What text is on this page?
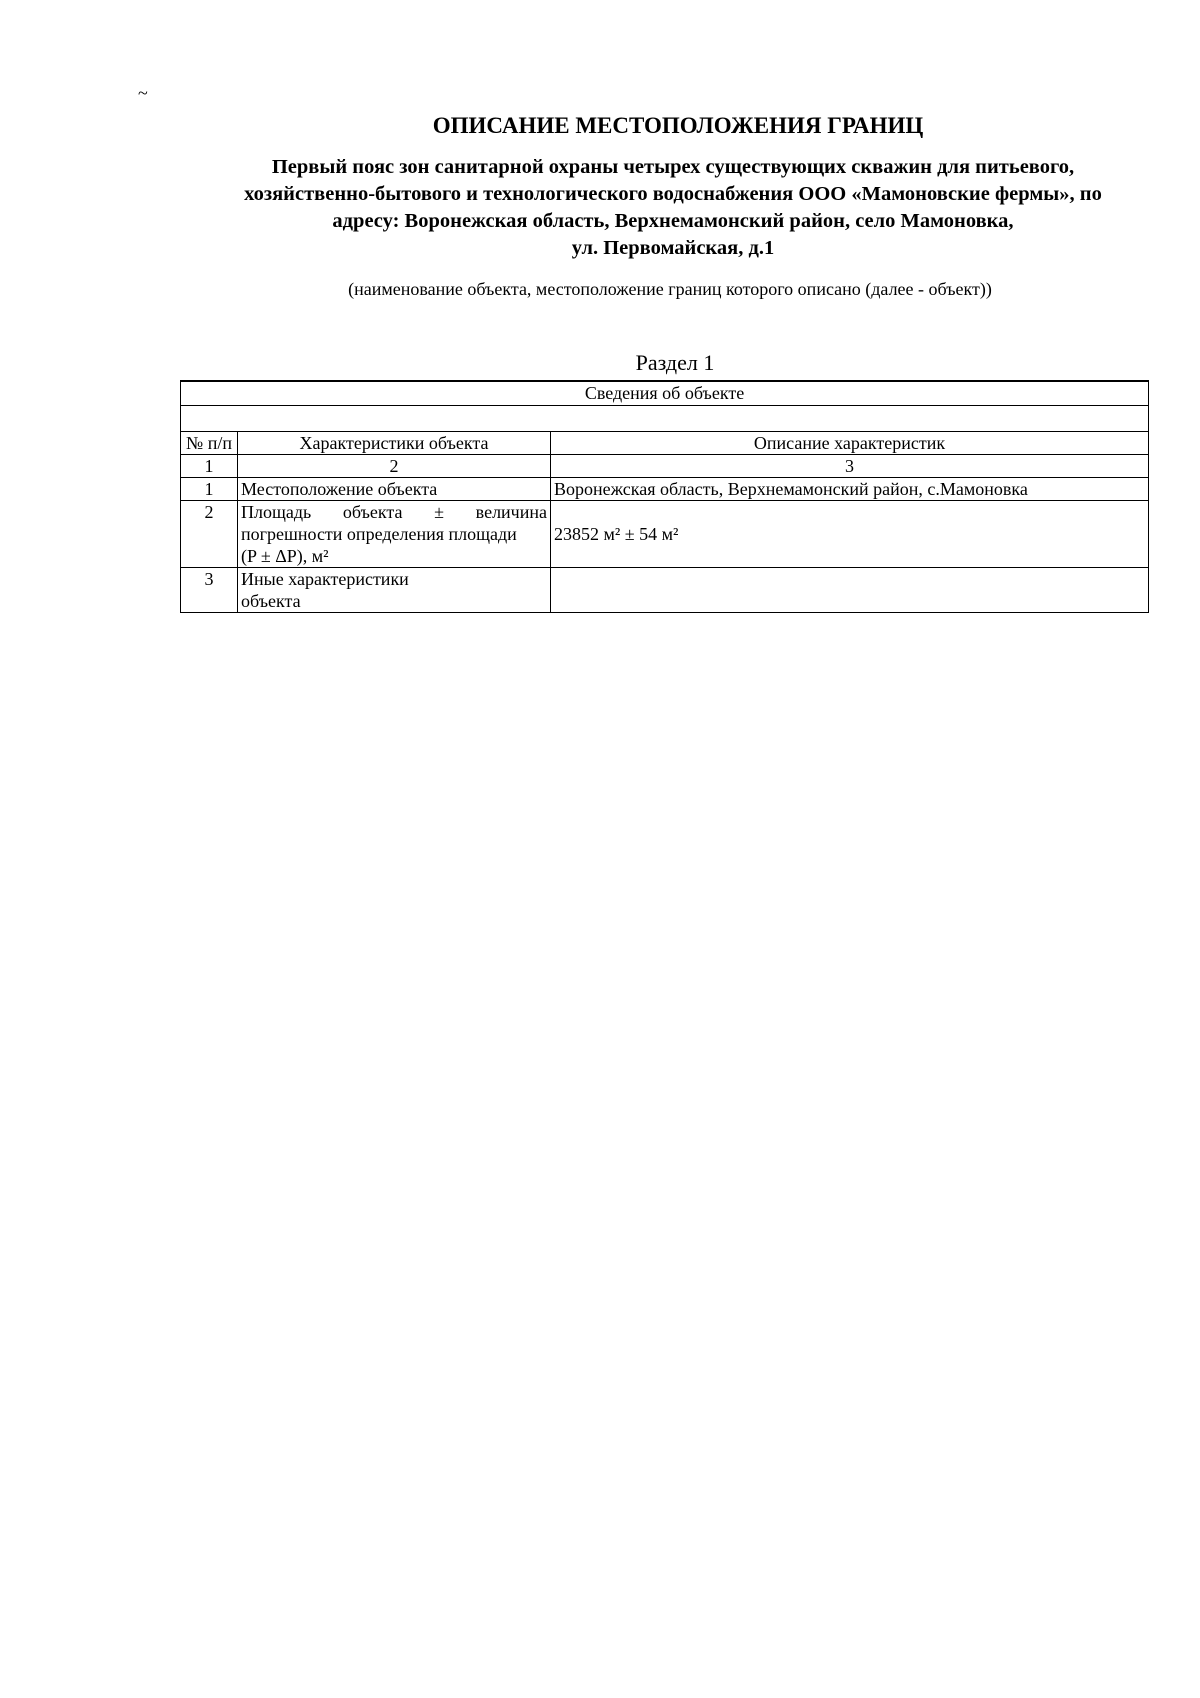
~
ОПИСАНИЕ МЕСТОПОЛОЖЕНИЯ ГРАНИЦ
Первый пояс зон санитарной охраны четырех существующих скважин для питьевого,
хозяйственно-бытового и технологического водоснабжения ООО «Мамоновские фермы», по
адресу: Воронежская область, Верхнемамонский район, село Мамоновка,
ул. Первомайская, д.1
(наименование объекта, местоположение границ которого описано (далее - объект))
Раздел 1
Сведения об объекте		

№ п/п	Характеристики объекта	Описание характеристик
1	2	3
1	Местоположение объекта	Воронежская область, Верхнемамонский район, с.Мамоновка
2	Площадь объекта ± величина
погрешности определения площади
(P ± ΔP), м²	23852 м² ± 54 м²
3	Иные характеристики
объекта	
